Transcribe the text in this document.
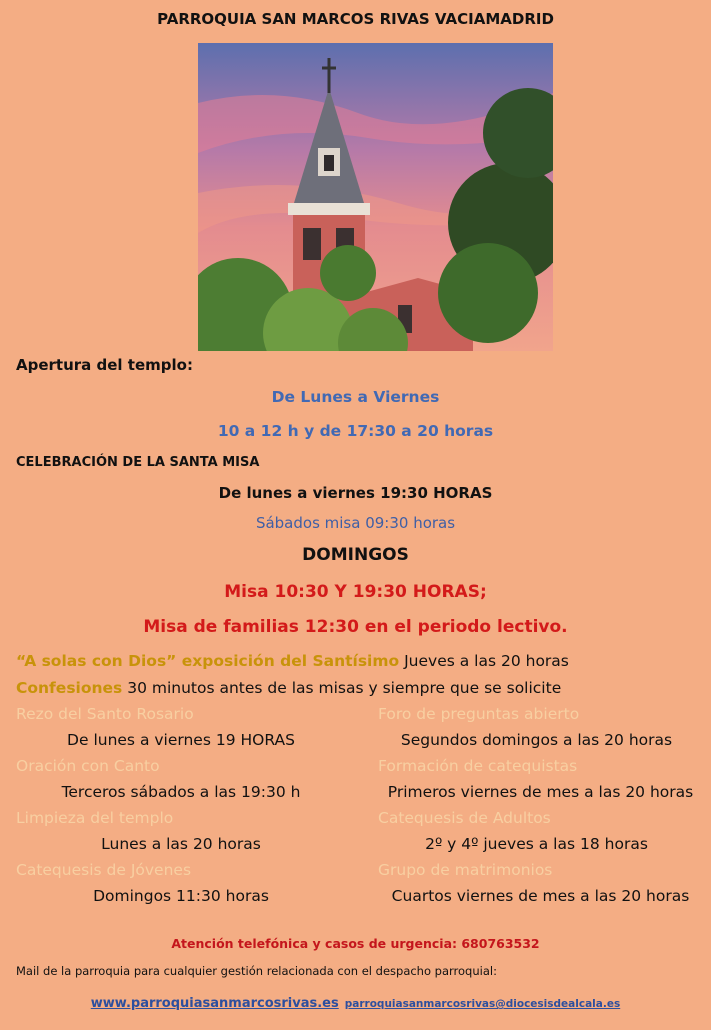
PARROQUIA SAN MARCOS RIVAS VACIAMADRID
Apertura del templo:
De Lunes a Viernes
10 a 12 h y de 17:30 a 20 horas
CELEBRACIÓN DE LA SANTA MISA
De lunes a viernes 19:30 HORAS
Sábados misa 09:30 horas
DOMINGOS
Misa 10:30 Y 19:30 HORAS;
Misa de familias 12:30 en el periodo lectivo.
“A solas con Dios” exposición del Santísimo Jueves a las 20 horas
Confesiones 30 minutos antes de las misas y siempre que se solicite
Rezo del Santo Rosario
De lunes a viernes 19 HORAS
Foro de preguntas abierto
Segundos domingos a las 20 horas
Oración con Canto
Terceros sábados a las 19:30 h
Formación de catequistas
Primeros viernes de mes a las 20 horas
Limpieza del templo
Lunes a las 20 horas
Catequesis de Adultos
2º y 4º jueves a las 18 horas
Catequesis de Jóvenes
Domingos 11:30 horas
Grupo de matrimonios
Cuartos viernes de mes a las 20 horas
Atención telefónica y casos de urgencia: 680763532
Mail de la parroquia para cualquier gestión relacionada con el despacho parroquial:
www.parroquiasanmarcosrivas.es parroquiasanmarcosrivas@diocesisdealcala.es
